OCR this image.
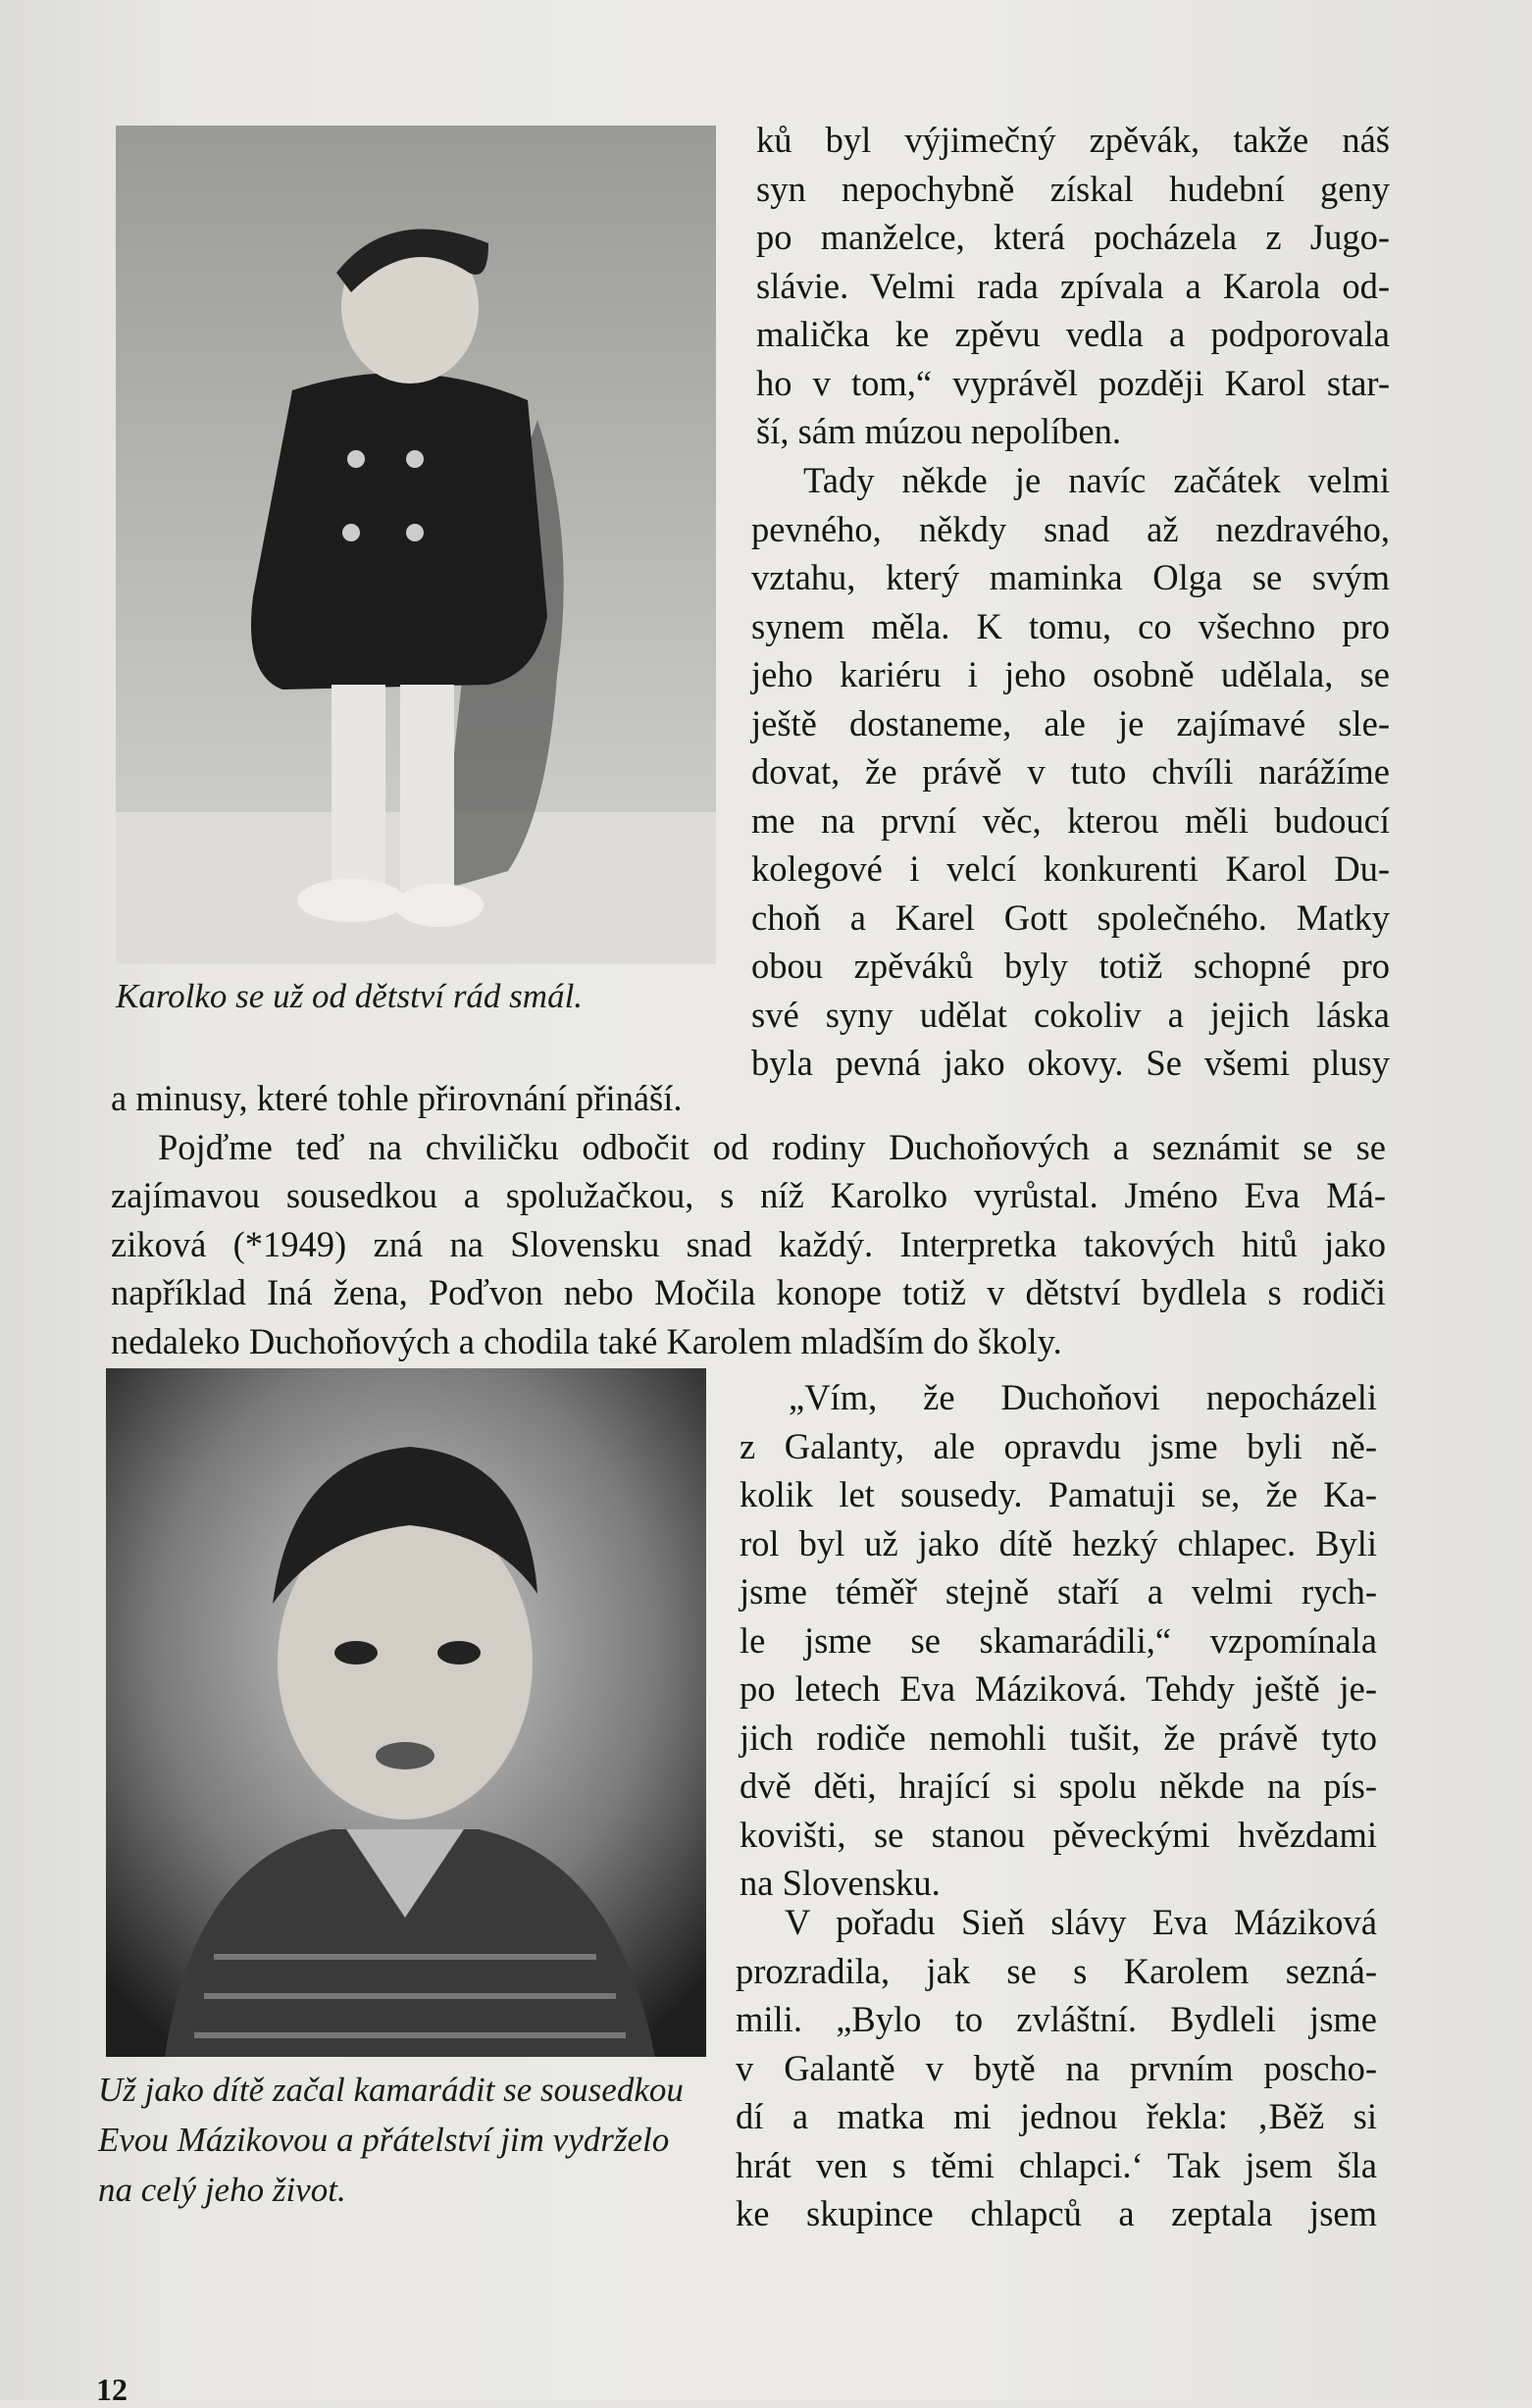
Karolko se už od dětství rád smál.

ků byl výjimečný zpěvák, takže náš
syn nepochybně získal hudební geny
po manželce, která pocházela z Jugo-
slávie. Velmi rada zpívala a Karola od-
malička ke zpěvu vedla a podporovala
ho v tom,“ vyprávěl později Karol star-
ší, sám múzou nepolíben.
Tady někde je navíc začátek velmi
pevného, někdy snad až nezdravého,
vztahu, který maminka Olga se svým
synem měla. K tomu, co všechno pro
jeho kariéru i jeho osobně udělala, se
ještě dostaneme, ale je zajímavé sle-
dovat, že právě v tuto chvíli narážíme
me na první věc, kterou měli budoucí
kolegové i velcí konkurenti Karol Du-
choň a Karel Gott společného. Matky
obou zpěváků byly totiž schopné pro
své syny udělat cokoliv a jejich láska
byla pevná jako okovy. Se všemi plusy
a minusy, které tohle přirovnání přináší.
Pojďme teď na chviličku odbočit od rodiny Duchoňových a seznámit se se
zajímavou sousedkou a spolužačkou, s níž Karolko vyrůstal. Jméno Eva Má-
ziková (*1949) zná na Slovensku snad každý. Interpretka takových hitů jako
například Iná žena, Poďvon nebo Močila konope totiž v dětství bydlela s rodiči
nedaleko Duchoňových a chodila také Karolem mladším do školy.

Už jako dítě začal kamarádit se sousedkou Evou Mázikovou a přátelství jim vydrželo na celý jeho život.

„Vím, že Duchoňovi nepocházeli
z Galanty, ale opravdu jsme byli ně-
kolik let sousedy. Pamatuji se, že Ka-
rol byl už jako dítě hezký chlapec. Byli
jsme téměř stejně staří a velmi rych-
le jsme se skamarádili,“ vzpomínala
po letech Eva Máziková. Tehdy ještě je-
jich rodiče nemohli tušit, že právě tyto
dvě děti, hrající si spolu někde na pís-
kovišti, se stanou pěveckými hvězdami
na Slovensku.
V pořadu Sieň slávy Eva Máziková
prozradila, jak se s Karolem sezná-
mili. „Bylo to zvláštní. Bydleli jsme
v Galantě v bytě na prvním poscho-
dí a matka mi jednou řekla: ‚Běž si
hrát ven s těmi chlapci.‘ Tak jsem šla
ke skupince chlapců a zeptala jsem

12
